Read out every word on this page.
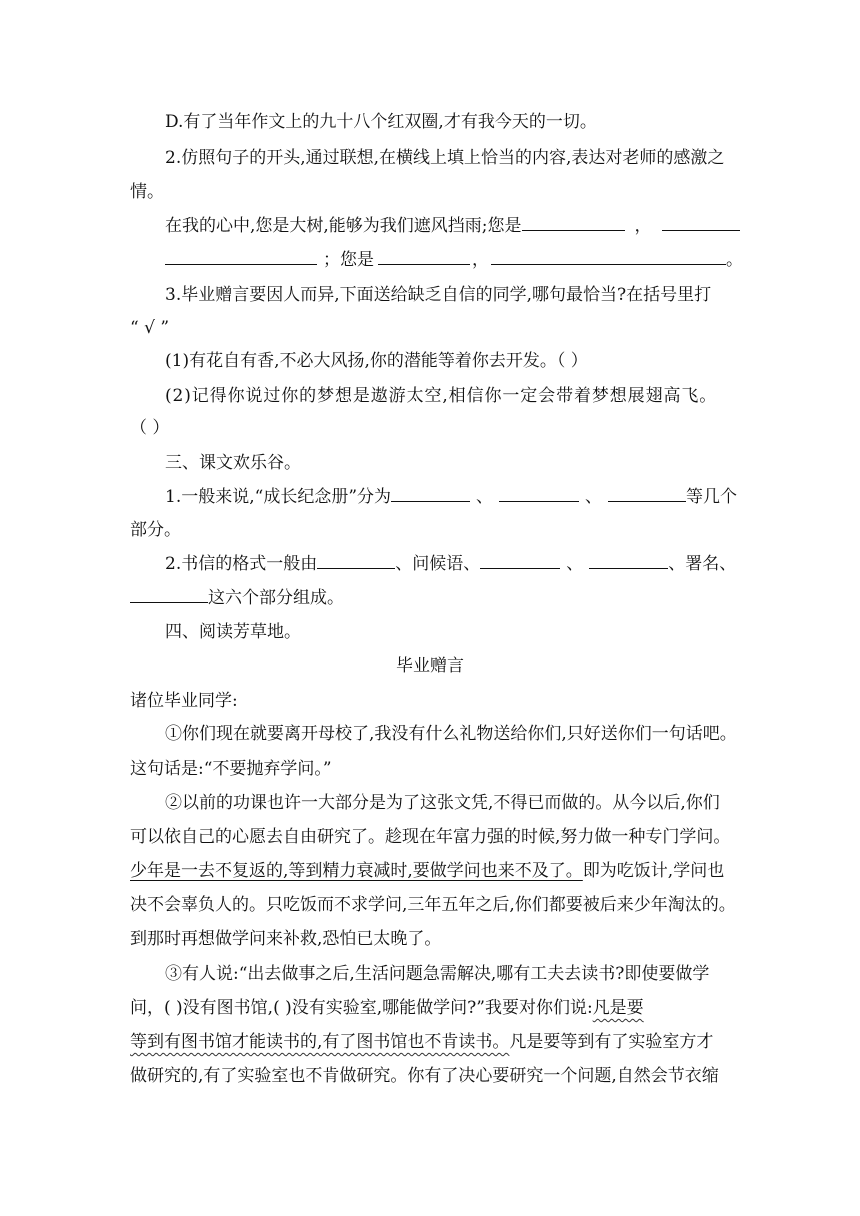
D.有了当年作文上的九十八个红双圈,才有我今天的一切。
2.仿照句子的开头,通过联想,在横线上填上恰当的内容,表达对老师的感激之
情。
在我的心中,您是大树,能够为我们遮风挡雨;您是	，
；您是	，	。
3.毕业赠言要因人而异,下面送给缺乏自信的同学,哪句最恰当?在括号里打
“ √ ”
(1)有花自有香,不必大风扬,你的潜能等着你去开发。（ ）
(2)记得你说过你的梦想是遨游太空,相信你一定会带着梦想展翅高飞。
（ ）
三、课文欢乐谷。
1.一般来说,“成长纪念册”分为	、	、	等几个
部分。
2.书信的格式一般由	、问候语、	、	、署名、
这六个部分组成。
四、阅读芳草地。
毕业赠言
诸位毕业同学:
①你们现在就要离开母校了,我没有什么礼物送给你们,只好送你们一句话吧。
这句话是:“不要抛弃学问。”
②以前的功课也许一大部分是为了这张文凭,不得已而做的。从今以后,你们
可以依自己的心愿去自由研究了。趁现在年富力强的时候,努力做一种专门学问。
少年是一去不复返的,等到精力衰减时,要做学问也来不及了。即为吃饭计,学问也
决不会辜负人的。只吃饭而不求学问,三年五年之后,你们都要被后来少年淘汰的。
到那时再想做学问来补救,恐怕已太晚了。
③有人说:“出去做事之后,生活问题急需解决,哪有工夫去读书?即使要做学
问，( )没有图书馆,( )没有实验室,哪能做学问?”我要对你们说:凡是要
等到有图书馆才能读书的,有了图书馆也不肯读书。凡是要等到有了实验室方才
做研究的,有了实验室也不肯做研究。你有了决心要研究一个问题,自然会节衣缩
